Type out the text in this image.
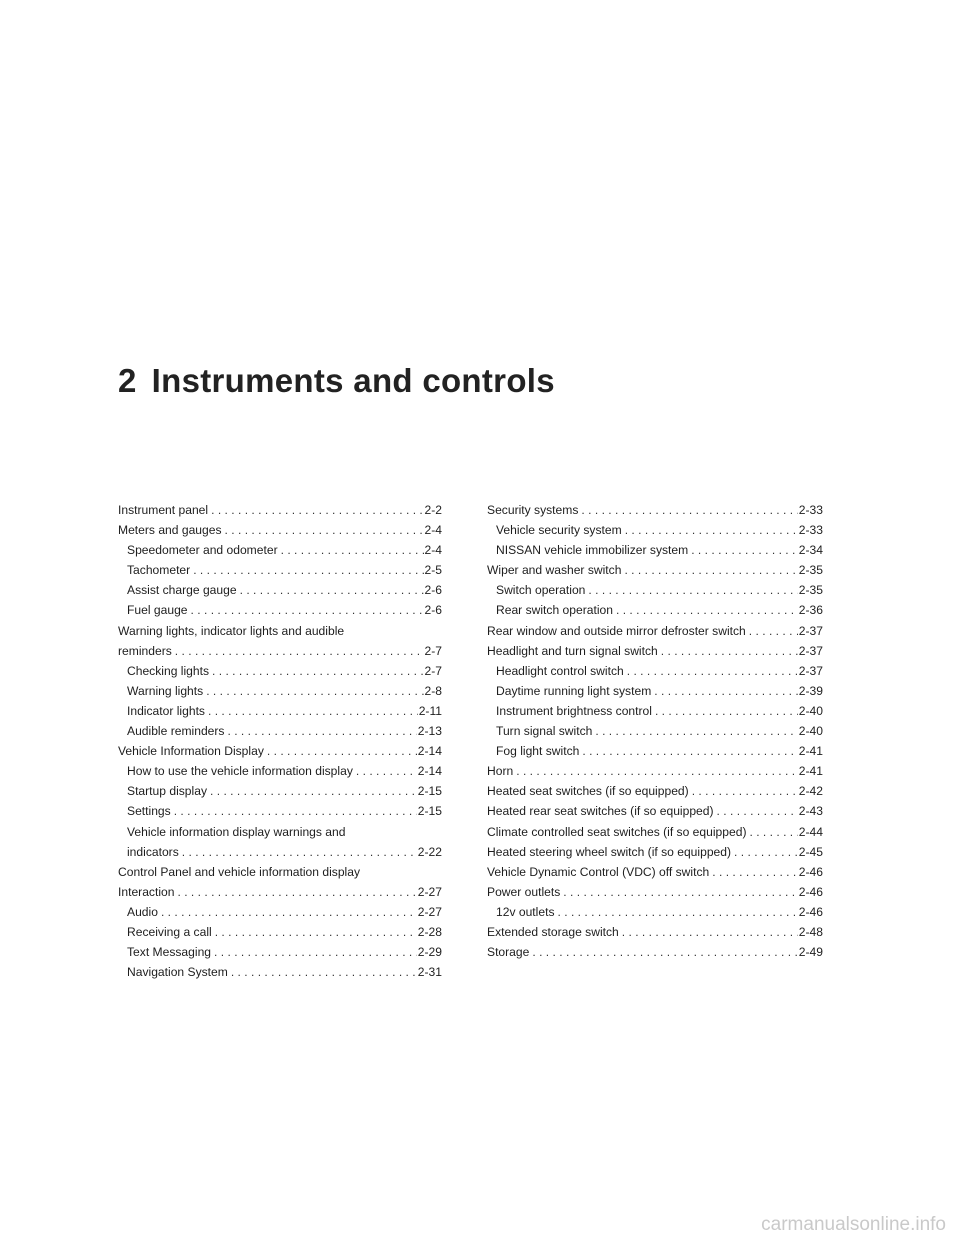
2 Instruments and controls
Instrument panel . . .	2-2
Meters and gauges . . .	2-4
Speedometer and odometer . . .	2-4
Tachometer . . .	2-5
Assist charge gauge . . .	2-6
Fuel gauge . . .	2-6
Warning lights, indicator lights and audible
reminders . . .	2-7
Checking lights . . .	2-7
Warning lights . . .	2-8
Indicator lights . . .	2-11
Audible reminders . . .	2-13
Vehicle Information Display . . .	2-14
How to use the vehicle information display . . .	2-14
Startup display . . .	2-15
Settings . . .	2-15
Vehicle information display warnings and
indicators . . .	2-22
Control Panel and vehicle information display
Interaction . . .	2-27
Audio . . .	2-27
Receiving a call . . .	2-28
Text Messaging . . .	2-29
Navigation System . . .	2-31
Security systems . . .	2-33
Vehicle security system . . .	2-33
NISSAN vehicle immobilizer system . . .	2-34
Wiper and washer switch . . .	2-35
Switch operation . . .	2-35
Rear switch operation . . .	2-36
Rear window and outside mirror defroster switch . . .	2-37
Headlight and turn signal switch . . .	2-37
Headlight control switch . . .	2-37
Daytime running light system . . .	2-39
Instrument brightness control . . .	2-40
Turn signal switch . . .	2-40
Fog light switch . . .	2-41
Horn . . .	2-41
Heated seat switches (if so equipped) . . .	2-42
Heated rear seat switches (if so equipped) . . .	2-43
Climate controlled seat switches (if so equipped) . . .	2-44
Heated steering wheel switch (if so equipped) . . .	2-45
Vehicle Dynamic Control (VDC) off switch . . .	2-46
Power outlets . . .	2-46
12v outlets . . .	2-46
Extended storage switch . . .	2-48
Storage . . .	2-49
carmanualsonline.info
